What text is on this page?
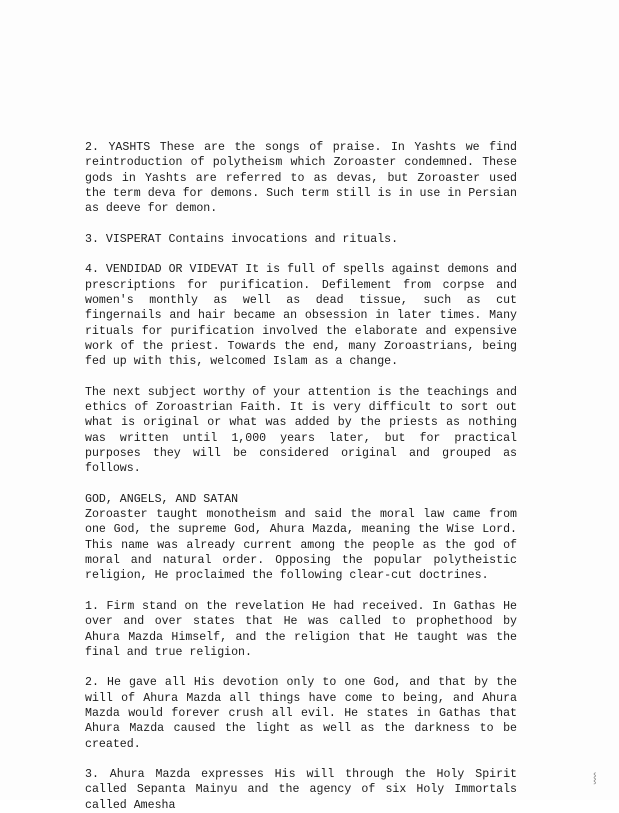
2. YASHTS These are the songs of praise. In Yashts we find reintroduction of polytheism which Zoroaster condemned. These gods in Yashts are referred to as devas, but Zoroaster used the term deva for demons. Such term still is in use in Persian as deeve for demon.

3. VISPERAT Contains invocations and rituals.

4. VENDIDAD OR VIDEVAT It is full of spells against demons and prescriptions for purification. Defilement from corpse and women's monthly as well as dead tissue, such as cut fingernails and hair became an obsession in later times. Many rituals for purification involved the elaborate and expensive work of the priest. Towards the end, many Zoroastrians, being fed up with this, welcomed Islam as a change.

The next subject worthy of your attention is the teachings and ethics of Zoroastrian Faith. It is very difficult to sort out what is original or what was added by the priests as nothing was written until 1,000 years later, but for practical purposes they will be considered original and grouped as follows.

GOD, ANGELS, AND SATAN

Zoroaster taught monotheism and said the moral law came from one God, the supreme God, Ahura Mazda, meaning the Wise Lord. This name was already current among the people as the god of moral and natural order. Opposing the popular polytheistic religion, He proclaimed the following clear-cut doctrines.

1. Firm stand on the revelation He had received. In Gathas He over and over states that He was called to prophethood by Ahura Mazda Himself, and the religion that He taught was the final and true religion.

2. He gave all His devotion only to one God, and that by the will of Ahura Mazda all things have come to being, and Ahura Mazda would forever crush all evil. He states in Gathas that Ahura Mazda caused the light as well as the darkness to be created.

3. Ahura Mazda expresses His will through the Holy Spirit called Sepanta Mainyu and the agency of six Holy Immortals called Amesha

⸾
